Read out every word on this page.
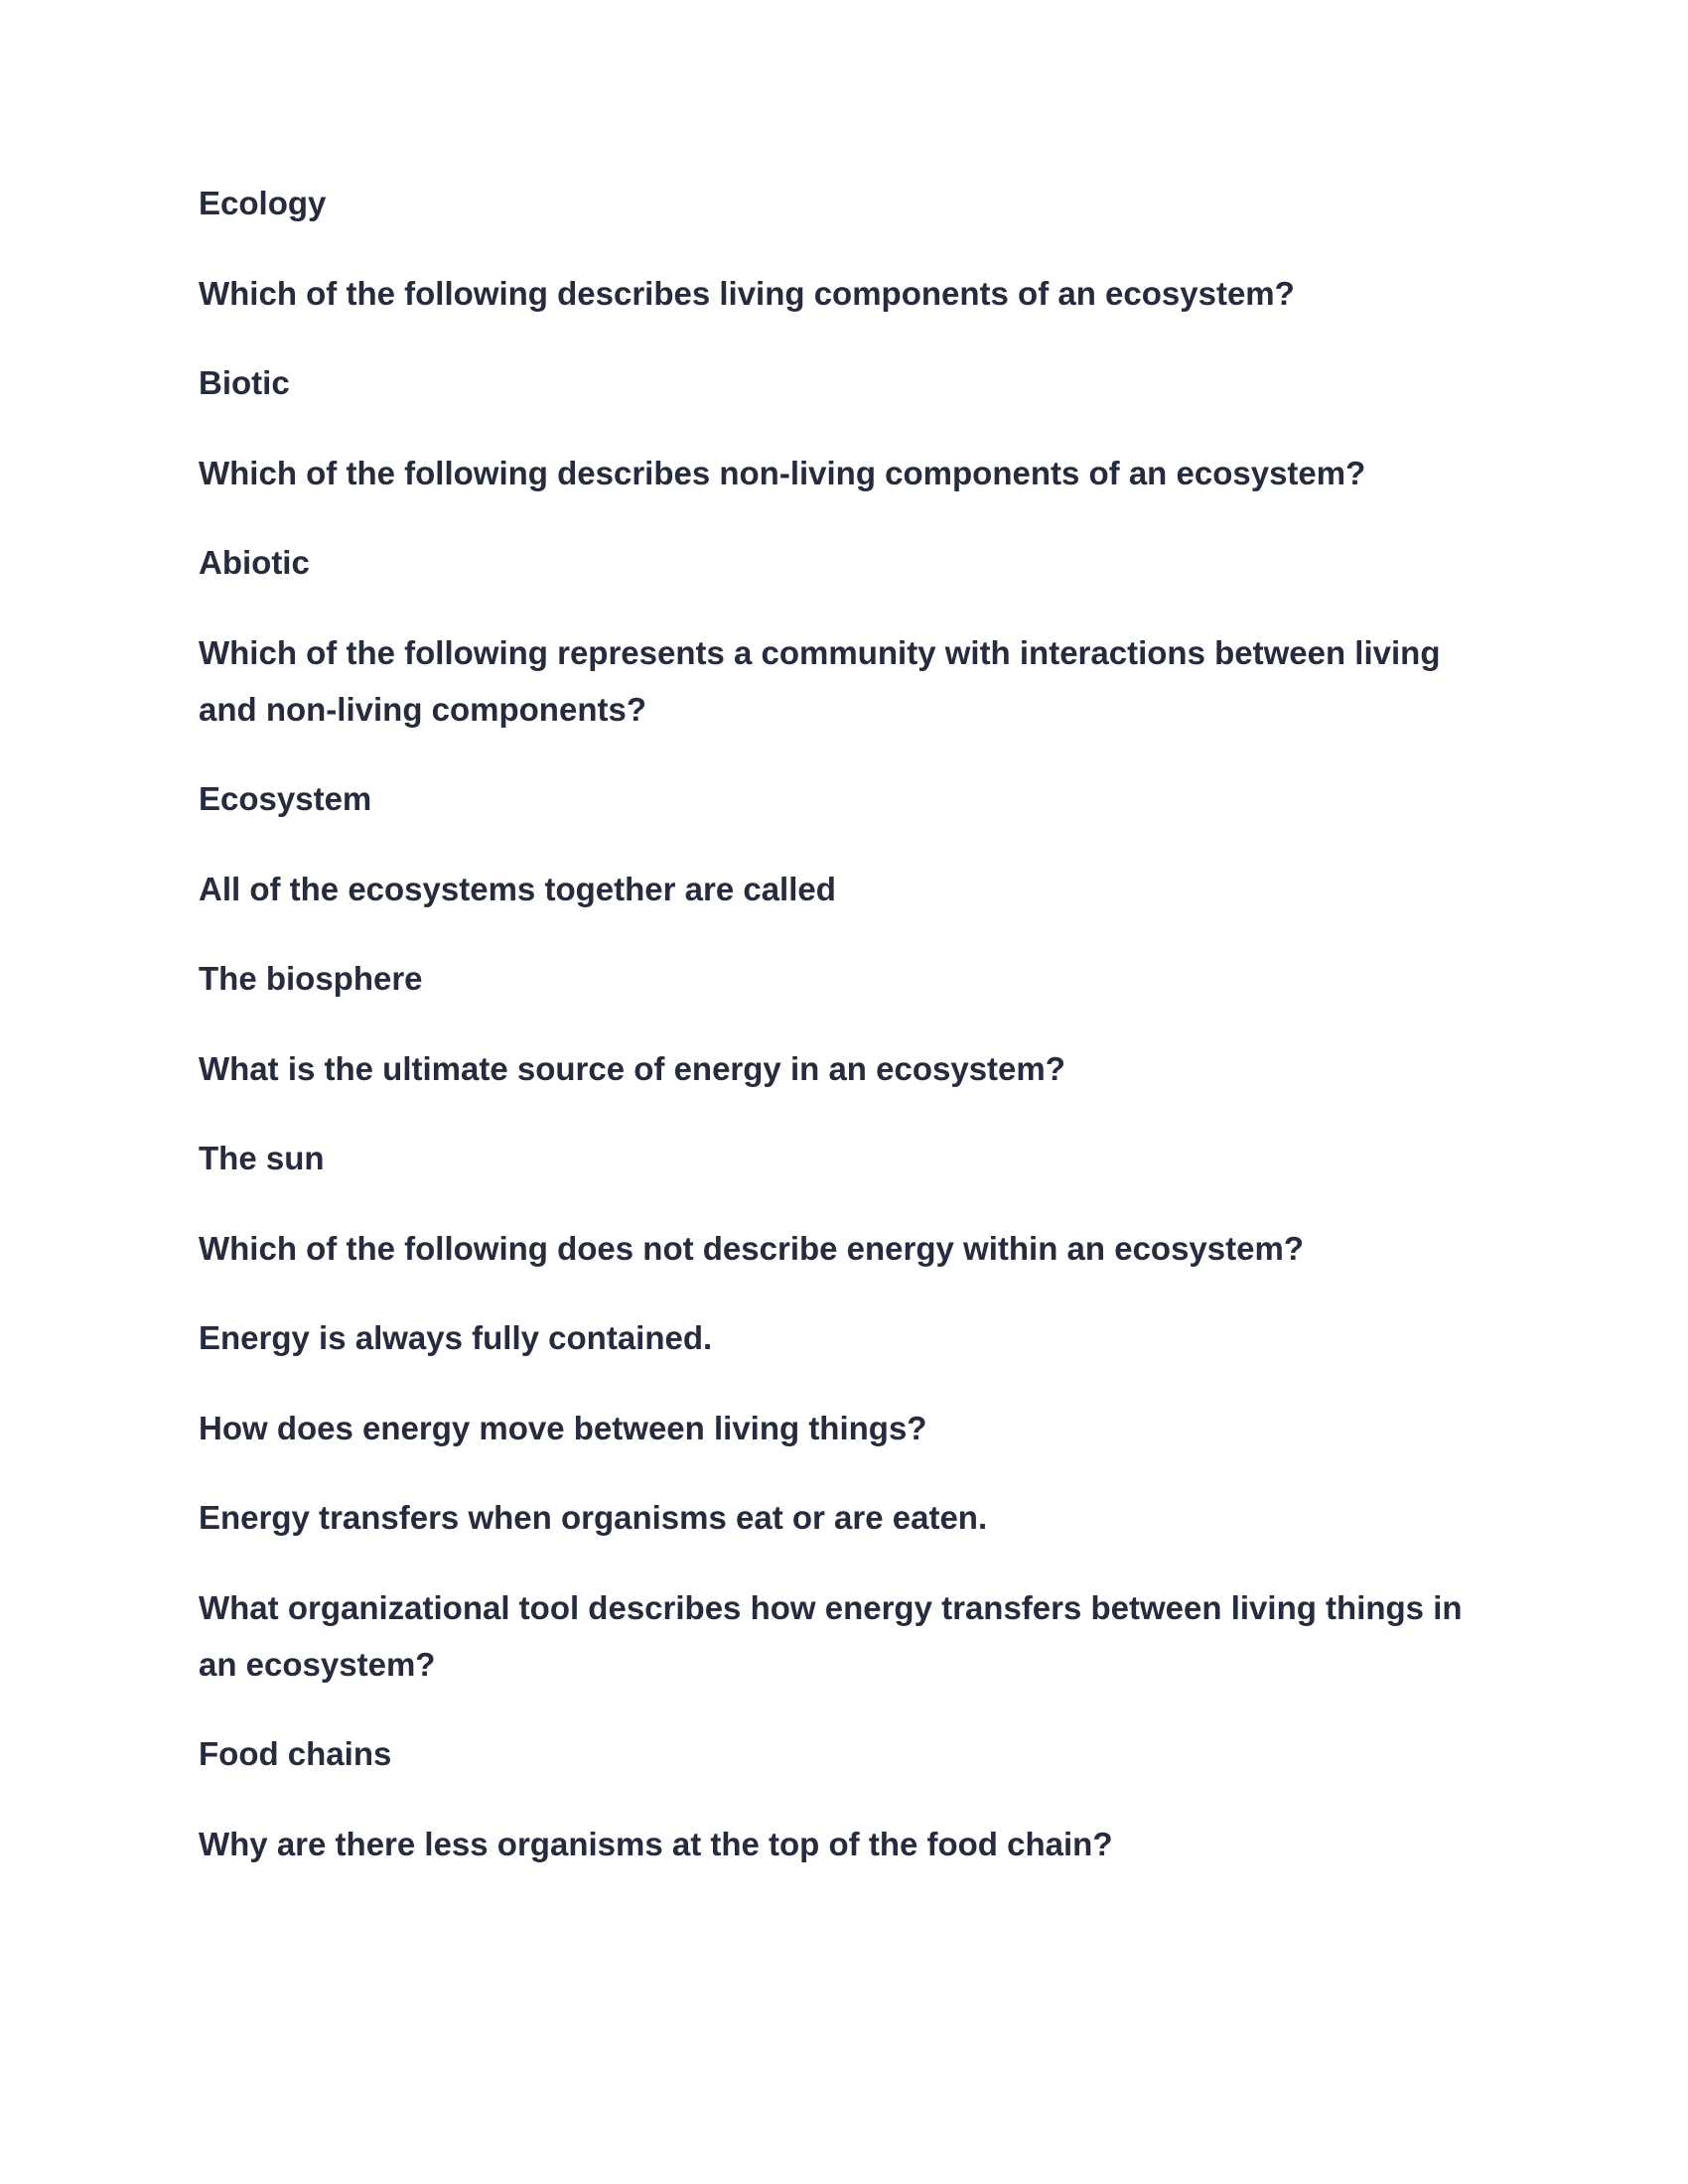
Ecology

Which of the following describes living components of an ecosystem?

Biotic

Which of the following describes non-living components of an ecosystem?

Abiotic

Which of the following represents a community with interactions between living and non-living components?

Ecosystem

All of the ecosystems together are called

The biosphere

What is the ultimate source of energy in an ecosystem?

The sun

Which of the following does not describe energy within an ecosystem?

Energy is always fully contained.

How does energy move between living things?

Energy transfers when organisms eat or are eaten.

What organizational tool describes how energy transfers between living things in an ecosystem?

Food chains

Why are there less organisms at the top of the food chain?
